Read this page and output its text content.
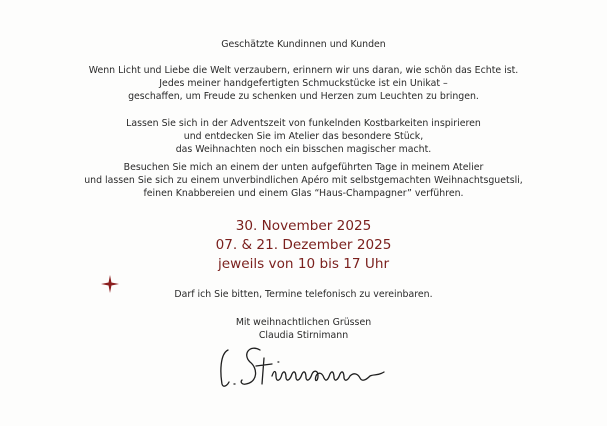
Geschätzte Kundinnen und Kunden
Wenn Licht und Liebe die Welt verzaubern, erinnern wir uns daran, wie schön das Echte ist.
Jedes meiner handgefertigten Schmuckstücke ist ein Unikat –
geschaffen, um Freude zu schenken und Herzen zum Leuchten zu bringen.
Lassen Sie sich in der Adventszeit von funkelnden Kostbarkeiten inspirieren
und entdecken Sie im Atelier das besondere Stück,
das Weihnachten noch ein bisschen magischer macht.
Besuchen Sie mich an einem der unten aufgeführten Tage in meinem Atelier
und lassen Sie sich zu einem unverbindlichen Apéro mit selbstgemachten Weihnachtsguetsli,
feinen Knabbereien und einem Glas “Haus-Champagner” verführen.
30. November 2025
07. & 21. Dezember 2025
jeweils von 10 bis 17 Uhr
Darf ich Sie bitten, Termine telefonisch zu vereinbaren.
Mit weihnachtlichen Grüssen
Claudia Stirnimann
